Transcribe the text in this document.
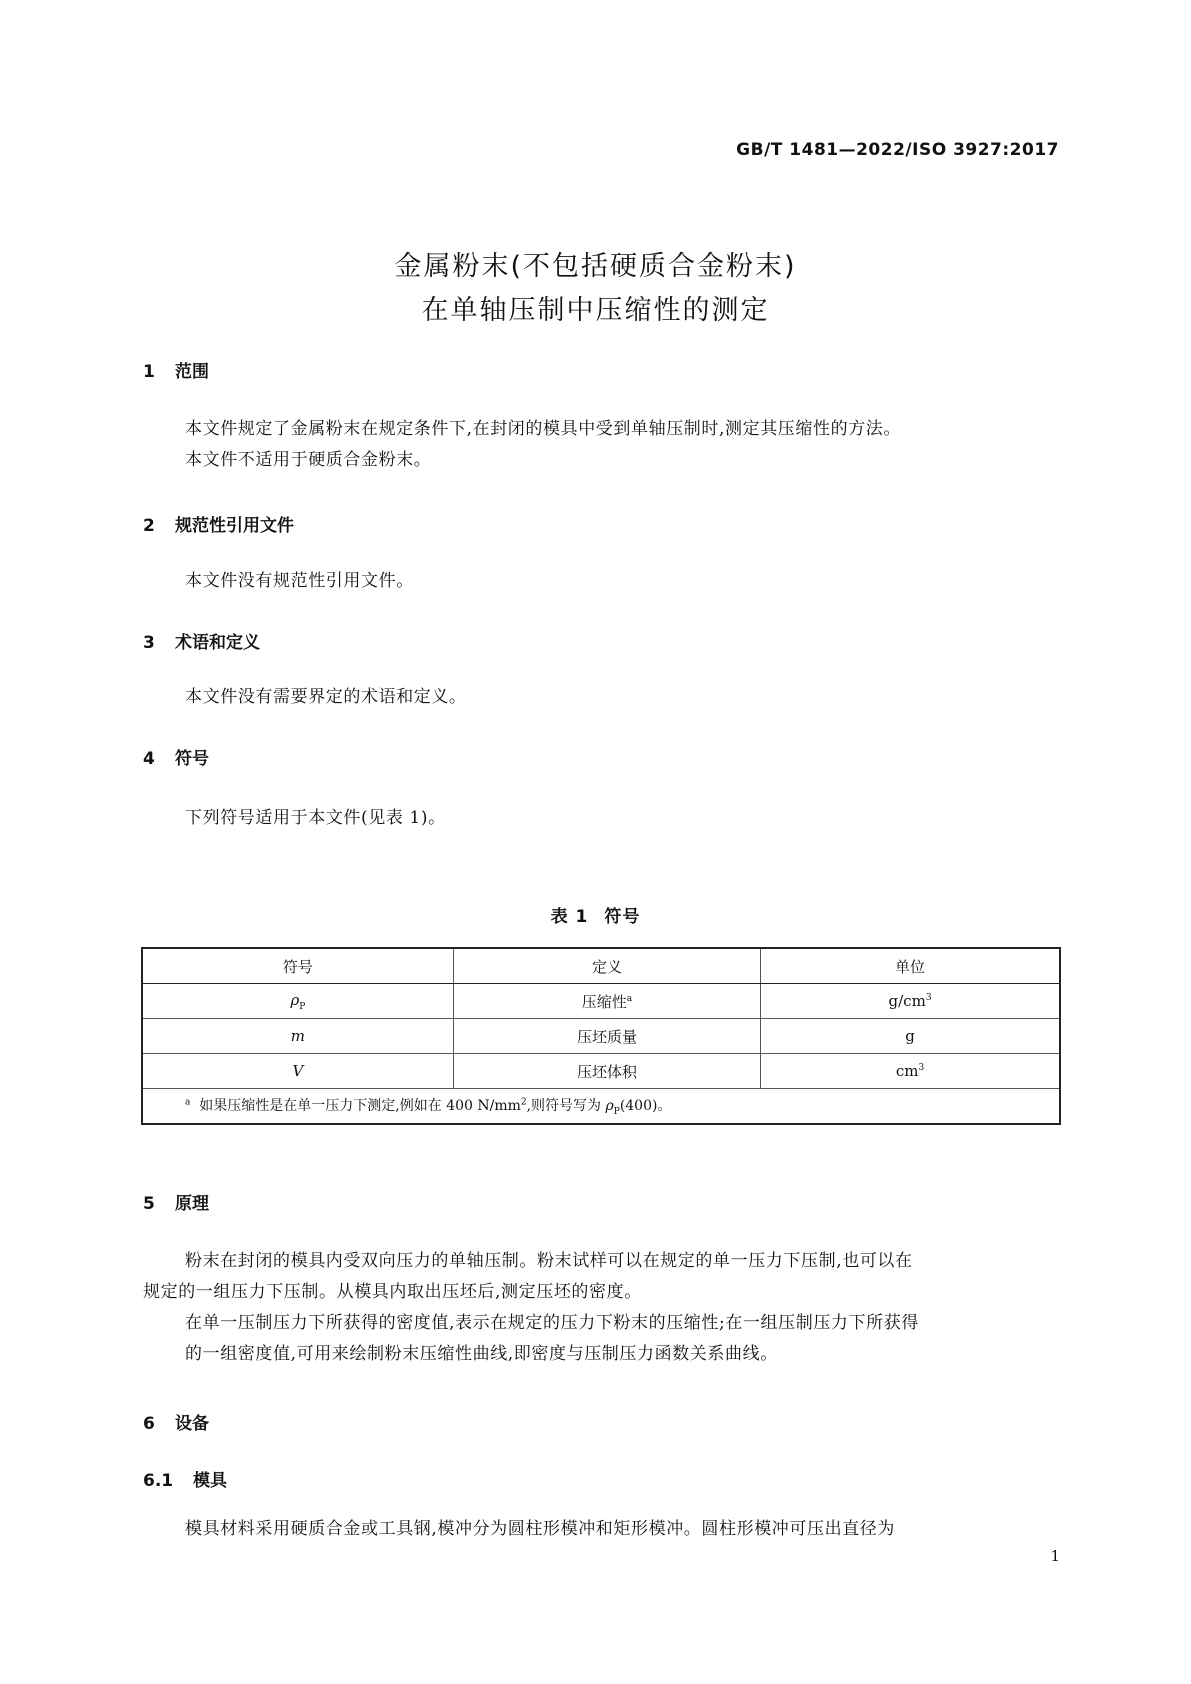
GB/T 1481—2022/ISO 3927:2017
金属粉末(不包括硬质合金粉末)
在单轴压制中压缩性的测定
1 范围
本文件规定了金属粉末在规定条件下,在封闭的模具中受到单轴压制时,测定其压缩性的方法。
本文件不适用于硬质合金粉末。
2 规范性引用文件
本文件没有规范性引用文件。
3 术语和定义
本文件没有需要界定的术语和定义。
4 符号
下列符号适用于本文件(见表 1)。
表 1 符号
符号	定义	单位
$\rho_P$	压缩性$^a$	$g/cm^3$
m	压坯质量	g
V	压坯体积	$cm^3$
$^a$ 如果压缩性是在单一压力下测定,例如在 400 $N/mm^2$,则符号写为 $\rho_P(400)$。		
5 原理
粉末在封闭的模具内受双向压力的单轴压制。粉末试样可以在规定的单一压力下压制,也可以在
规定的一组压力下压制。从模具内取出压坯后,测定压坯的密度。
在单一压制压力下所获得的密度值,表示在规定的压力下粉末的压缩性;在一组压制压力下所获得
的一组密度值,可用来绘制粉末压缩性曲线,即密度与压制压力函数关系曲线。
6 设备
6.1 模具
模具材料采用硬质合金或工具钢,模冲分为圆柱形模冲和矩形模冲。圆柱形模冲可压出直径为
1
